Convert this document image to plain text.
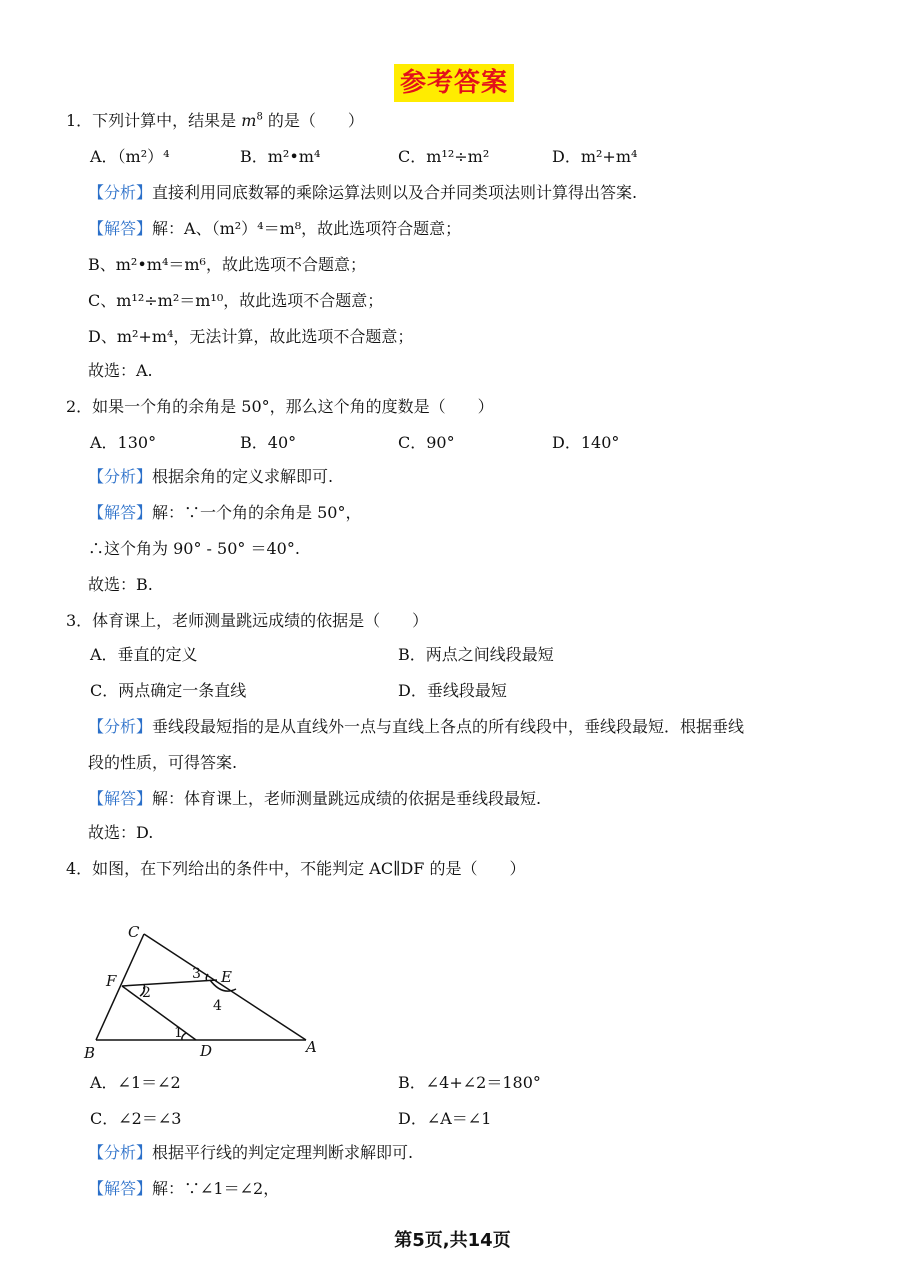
参考答案
1．下列计算中，结果是 $m^8$ 的是（　　）
A．（m²）⁴	B．m²•m⁴	C．m¹²÷m²	D．m²+m⁴
【分析】直接利用同底数幂的乘除运算法则以及合并同类项法则计算得出答案.
【解答】解：A、（m²）⁴＝m⁸，故此选项符合题意；
B、m²•m⁴＝m⁶，故此选项不合题意；
C、m¹²÷m²＝m¹⁰，故此选项不合题意；
D、m²+m⁴，无法计算，故此选项不合题意；
故选：A.
2．如果一个角的余角是 50°，那么这个角的度数是（　　）
A．130°	B．40°	C．90°	D．140°
【分析】根据余角的定义求解即可.
【解答】解：∵一个角的余角是 50°，
∴这个角为 90° - 50° ＝40°.
故选：B.
3．体育课上，老师测量跳远成绩的依据是（　　）
A．垂直的定义	B．两点之间线段最短
C．两点确定一条直线	D．垂线段最短
【分析】垂线段最短指的是从直线外一点与直线上各点的所有线段中，垂线段最短．根据垂线
段的性质，可得答案.
【解答】解：体育课上，老师测量跳远成绩的依据是垂线段最短.
故选：D.
4．如图，在下列给出的条件中，不能判定 AC∥DF 的是（　　）
C
F	E
B	D	A
3
2
4
1
A．∠1＝∠2	B．∠4+∠2＝180°
C．∠2＝∠3	D．∠A＝∠1
【分析】根据平行线的判定定理判断求解即可.
【解答】解：∵∠1＝∠2，
第5页,共14页
